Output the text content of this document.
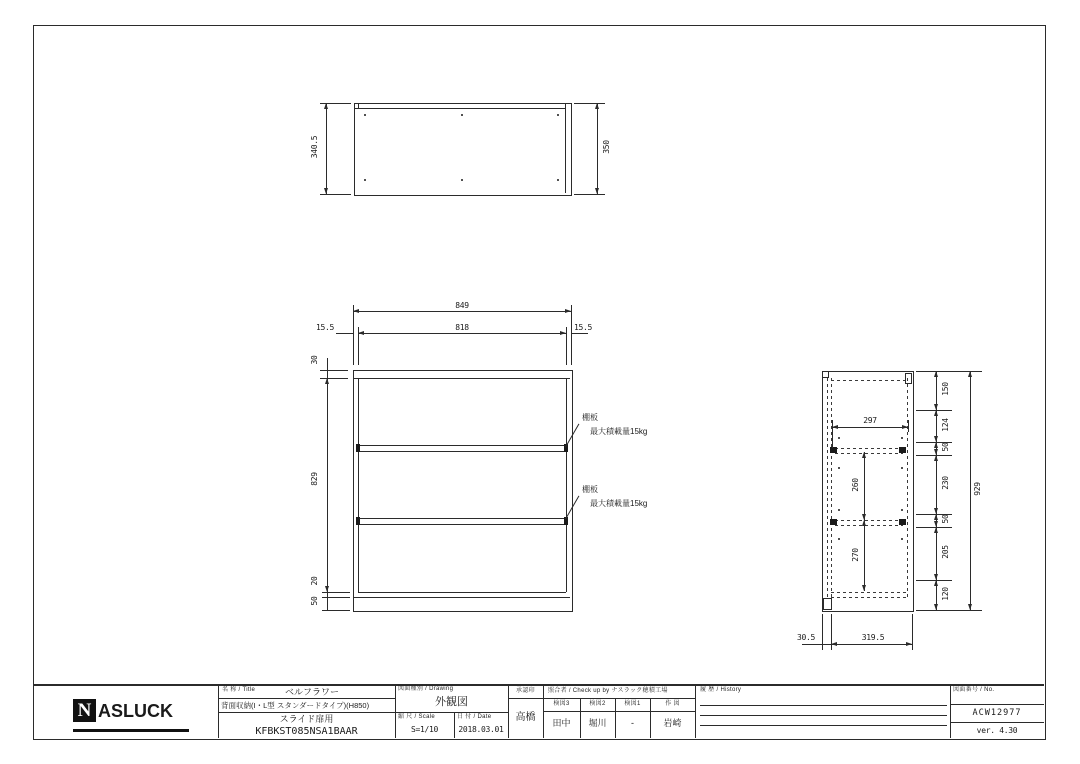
340.5	350
849
818
15.5	15.5
30
829
20
50
棚板
最大積載量15kg
棚板
最大積載量15kg
297
260
270
150
124
50
230
50
205
120
929
30.5	319.5
N ASLUCK
名 称 / Title	ベルフラワー
背面収納(I・L型 スタンダードタイプ)(H850)
スライド扉用
KFBKST085NSA1BAAR
図面種別 / Drawing
外観図
縮 尺 / Scale
S=1/10
日 付 / Date
2018.03.01
承認印
高橋
照合者 / Check up by ナスラック穂積工場
検図3	検図2	検図1	作 図
田中	堀川	-	岩崎
履 歴 / History	図面番号 / No.
ACW12977
ver. 4.30
